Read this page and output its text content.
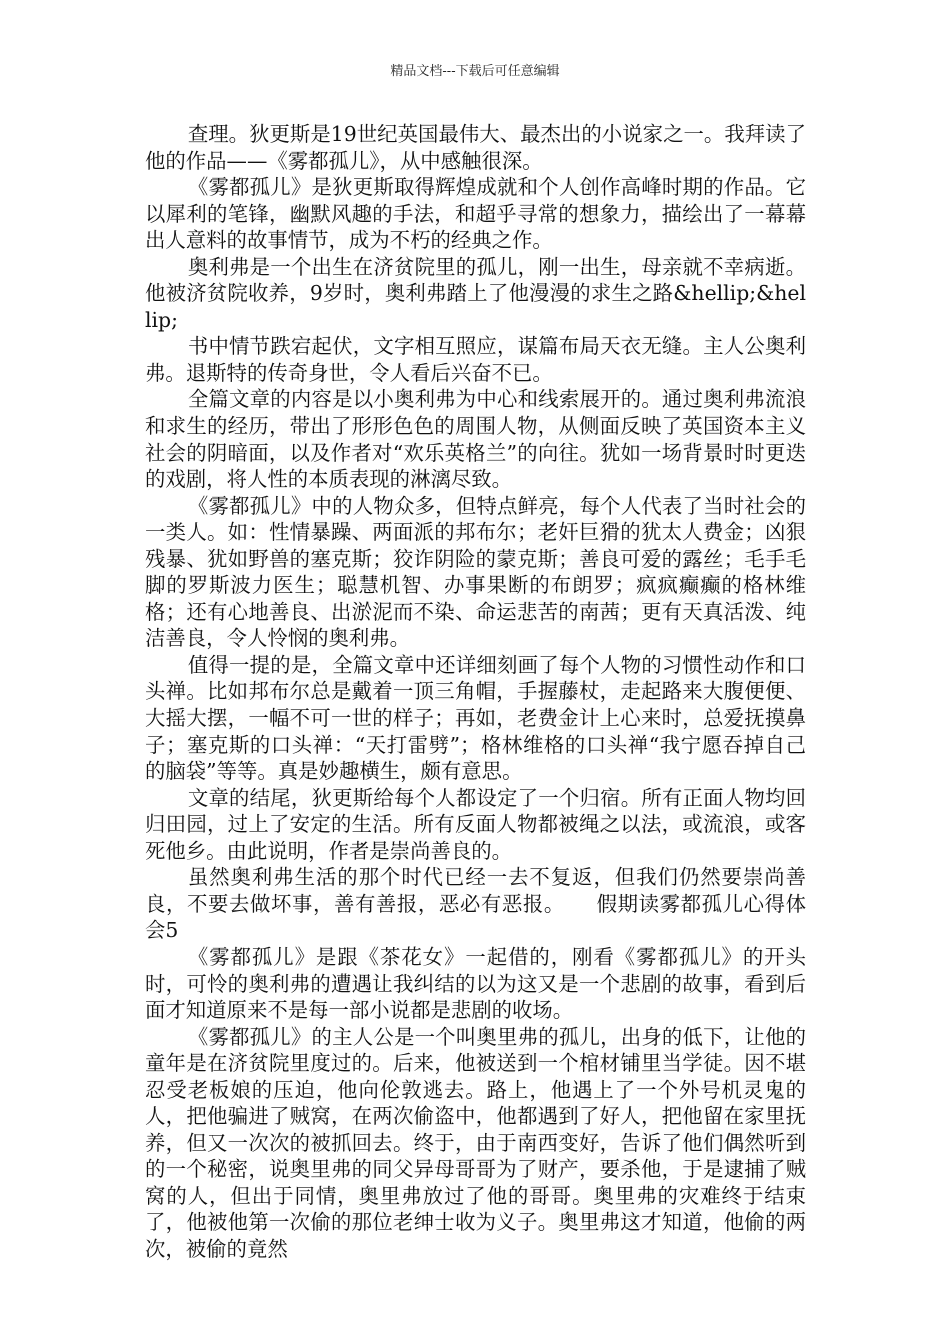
精品文档---下载后可任意编辑

查理。狄更斯是19世纪英国最伟大、最杰出的小说家之一。我拜读了他的作品——《雾都孤儿》，从中感触很深。

《雾都孤儿》是狄更斯取得辉煌成就和个人创作高峰时期的作品。它以犀利的笔锋，幽默风趣的手法，和超乎寻常的想象力，描绘出了一幕幕出人意料的故事情节，成为不朽的经典之作。

奥利弗是一个出生在济贫院里的孤儿，刚一出生，母亲就不幸病逝。他被济贫院收养，9岁时，奥利弗踏上了他漫漫的求生之路&hellip;&hellip;

书中情节跌宕起伏，文字相互照应，谋篇布局天衣无缝。主人公奥利弗。退斯特的传奇身世，令人看后兴奋不已。

全篇文章的内容是以小奥利弗为中心和线索展开的。通过奥利弗流浪和求生的经历，带出了形形色色的周围人物，从侧面反映了英国资本主义社会的阴暗面，以及作者对“欢乐英格兰”的向往。犹如一场背景时时更迭的戏剧，将人性的本质表现的淋漓尽致。

《雾都孤儿》中的人物众多，但特点鲜亮，每个人代表了当时社会的一类人。如：性情暴躁、两面派的邦布尔；老奸巨猾的犹太人费金；凶狠残暴、犹如野兽的塞克斯；狡诈阴险的蒙克斯；善良可爱的露丝；毛手毛脚的罗斯波力医生；聪慧机智、办事果断的布朗罗；疯疯癫癫的格林维格；还有心地善良、出淤泥而不染、命运悲苦的南茜；更有天真活泼、纯洁善良，令人怜悯的奥利弗。

值得一提的是，全篇文章中还详细刻画了每个人物的习惯性动作和口头禅。比如邦布尔总是戴着一顶三角帽，手握藤杖，走起路来大腹便便、大摇大摆，一幅不可一世的样子；再如，老费金计上心来时，总爱抚摸鼻子；塞克斯的口头禅：“天打雷劈”；格林维格的口头禅“我宁愿吞掉自己的脑袋”等等。真是妙趣横生，颇有意思。

文章的结尾，狄更斯给每个人都设定了一个归宿。所有正面人物均回归田园，过上了安定的生活。所有反面人物都被绳之以法，或流浪，或客死他乡。由此说明，作者是崇尚善良的。

虽然奥利弗生活的那个时代已经一去不复返，但我们仍然要崇尚善良，不要去做坏事，善有善报，恶必有恶报。　　假期读雾都孤儿心得体会5

《雾都孤儿》是跟《茶花女》一起借的，刚看《雾都孤儿》的开头时，可怜的奥利弗的遭遇让我纠结的以为这又是一个悲剧的故事，看到后面才知道原来不是每一部小说都是悲剧的收场。

《雾都孤儿》的主人公是一个叫奥里弗的孤儿，出身的低下，让他的童年是在济贫院里度过的。后来，他被送到一个棺材铺里当学徒。因不堪忍受老板娘的压迫，他向伦敦逃去。路上，他遇上了一个外号机灵鬼的人，把他骗进了贼窝，在两次偷盗中，他都遇到了好人，把他留在家里抚养，但又一次次的被抓回去。终于，由于南西变好，告诉了他们偶然听到的一个秘密，说奥里弗的同父异母哥哥为了财产，要杀他，于是逮捕了贼窝的人，但出于同情，奥里弗放过了他的哥哥。奥里弗的灾难终于结束了，他被他第一次偷的那位老绅士收为义子。奥里弗这才知道，他偷的两次，被偷的竟然
